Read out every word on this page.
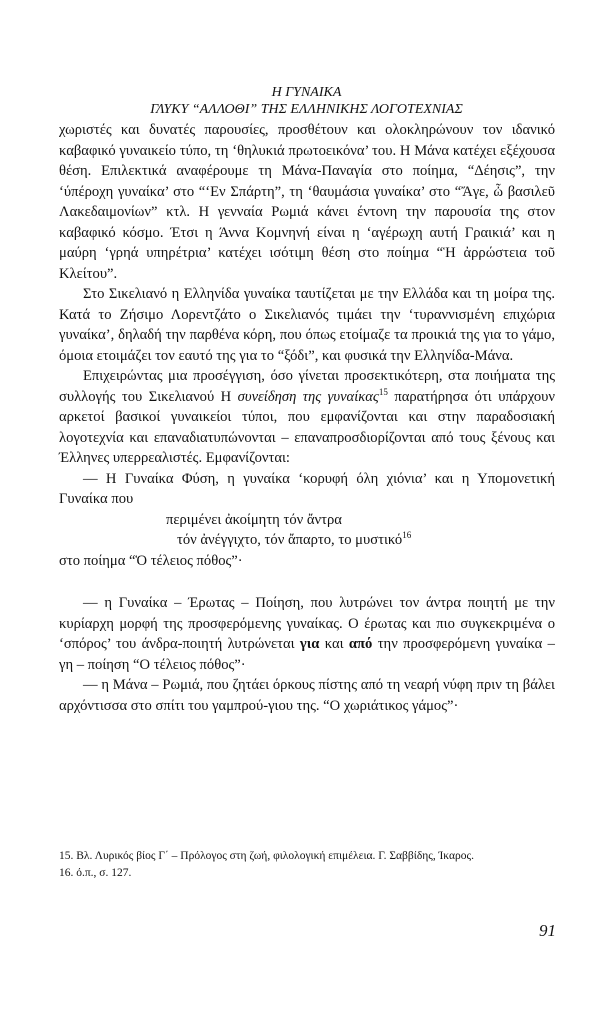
Η ΓΥΝΑΙΚΑ
ΓΛΥΚΥ “ΑΛΛΟΘΙ” ΤΗΣ ΕΛΛΗΝΙΚΗΣ ΛΟΓΟΤΕΧΝΙΑΣ

χωριστές και δυνατές παρουσίες, προσθέτουν και ολοκληρώνουν τον ιδανικό καβαφικό γυναικείο τύπο, τη ‘θηλυκιά πρωτοεικόνα’ του. Η Μάνα κατέχει εξέχουσα θέση. Επιλεκτικά αναφέρουμε τη Μάνα-Παναγία στο ποίημα, “Δέησις”, την ‘ύπέροχη γυναίκα’ στο “‘Εν Σπάρτη”, τη ‘θαυμάσια γυναίκα’ στο “Ἄγε, ὦ βασιλεῦ Λακεδαιμονίων” κτλ. Η γενναία Ρωμιά κάνει έντονη την παρουσία της στον καβαφικό κόσμο. Έτσι η Άννα Κομνηνή είναι η ‘αγέρωχη αυτή Γραικιά’ και η μαύρη ‘γρηά υπηρέτρια’ κατέχει ισότιμη θέση στο ποίημα “Ἡ ἀρρώστεια τοῦ Κλείτου”.

Στο Σικελιανό η Ελληνίδα γυναίκα ταυτίζεται με την Ελλάδα και τη μοίρα της. Κατά το Ζήσιμο Λορεντζάτο ο Σικελιανός τιμάει την ‘τυραννισμένη επιχώρια γυναίκα’, δηλαδή την παρθένα κόρη, που όπως ετοίμαζε τα προικιά της για το γάμο, όμοια ετοιμάζει τον εαυτό της για το “ξόδι”, και φυσικά την Ελληνίδα-Μάνα.

Επιχειρώντας μια προσέγγιση, όσο γίνεται προσεκτικότερη, στα ποιήματα της συλλογής του Σικελιανού Η συνείδηση της γυναίκας$^{15}$ παρατήρησα ότι υπάρχουν αρκετοί βασικοί γυναικείοι τύποι, που εμφανίζονται και στην παραδοσιακή λογοτεχνία και επαναδιατυπώνονται – επαναπροσδιορίζονται από τους ξένους και Έλληνες υπερρεαλιστές. Εμφανίζονται:

— Η Γυναίκα Φύση, η γυναίκα ‘κορυφή όλη χιόνια’ και η Υπομονετική Γυναίκα που

περιμένει ἀκοίμητη τόν ἄντρα

τόν ἀνέγγιχτο, τόν ἄπαρτο, το μυστικό$^{16}$

στο ποίημα “Ὁ τέλειος πόθος”·

— η Γυναίκα – Έρωτας – Ποίηση, που λυτρώνει τον άντρα ποιητή με την κυρίαρχη μορφή της προσφερόμενης γυναίκας. Ο έρωτας και πιο συγκεκριμένα ο ‘σπόρος’ του άνδρα-ποιητή λυτρώνεται για και από την προσφερόμενη γυναίκα – γη – ποίηση “Ο τέλειος πόθος”·

— η Μάνα – Ρωμιά, που ζητάει όρκους πίστης από τη νεαρή νύφη πριν τη βάλει αρχόντισσα στο σπίτι του γαμπρού-γιου της. “Ο χωριάτικος γάμος”·

15. Βλ. Λυρικός βίος Γ΄ – Πρόλογος στη ζωή, φιλολογική επιμέλεια. Γ. Σαββίδης, Ίκαρος.

16. ό.π., σ. 127.

91
